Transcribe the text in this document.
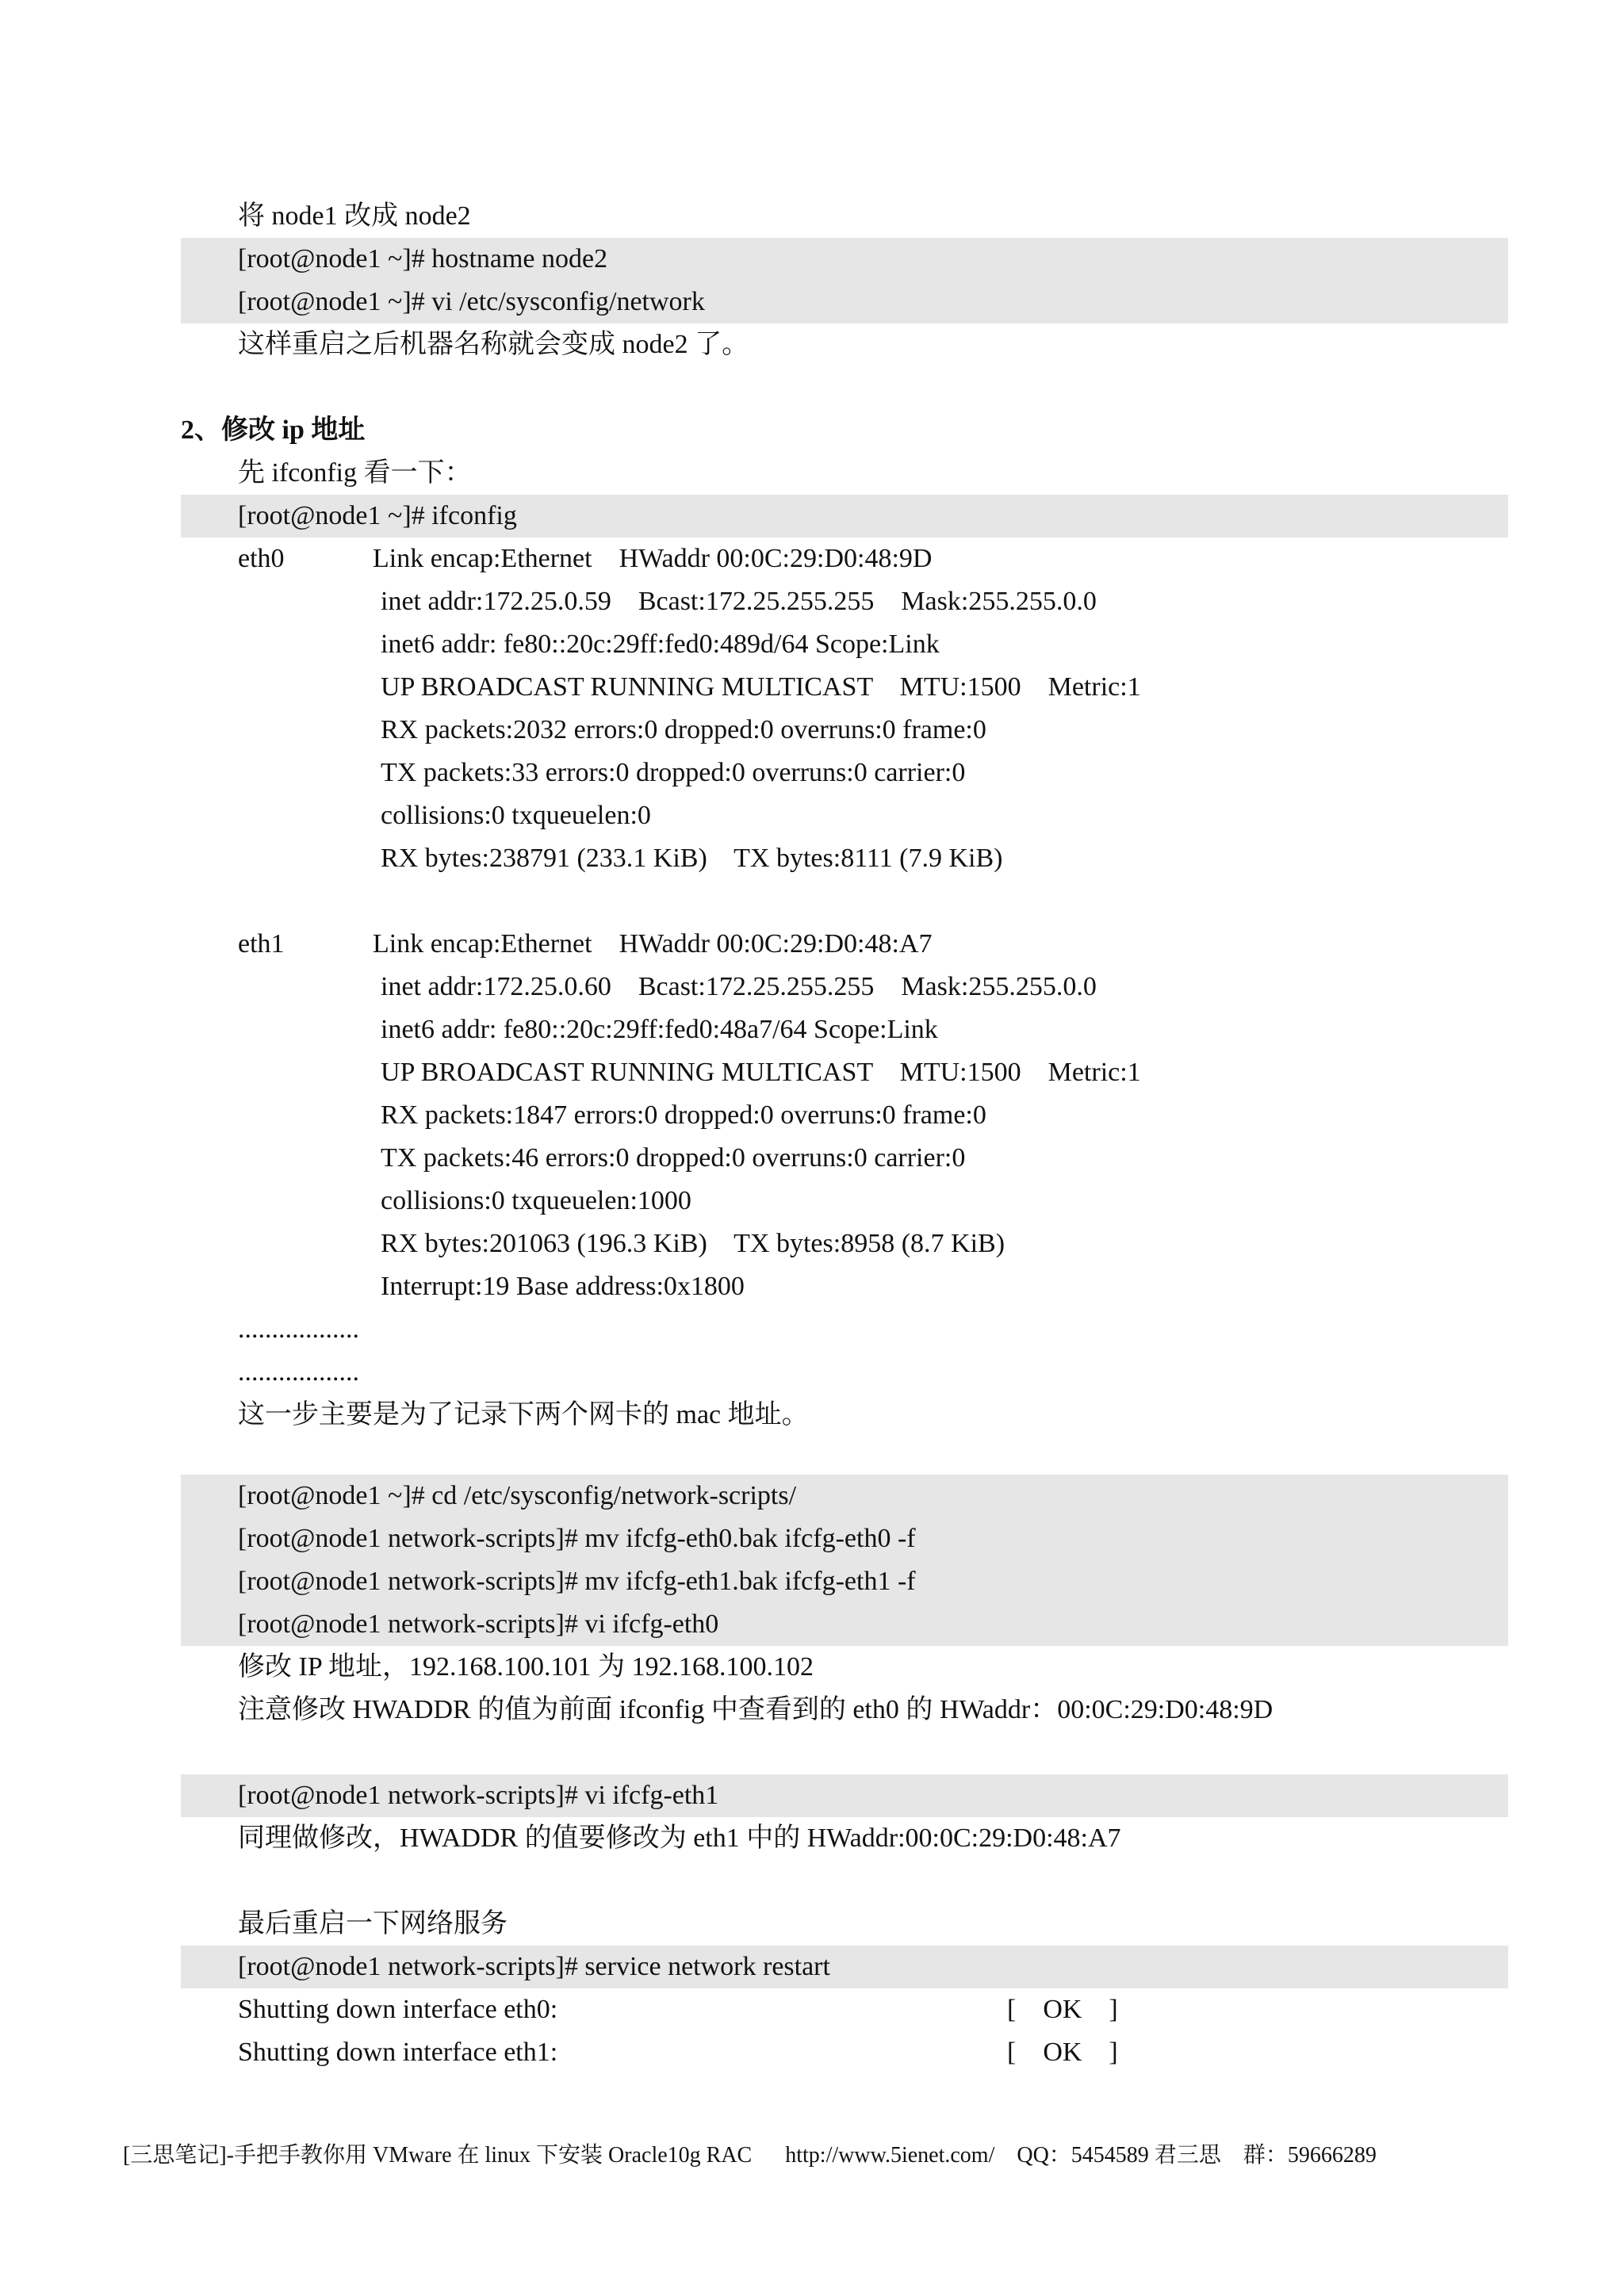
将 node1 改成 node2
[root@node1 ~]# hostname node2
[root@node1 ~]# vi /etc/sysconfig/network
这样重启之后机器名称就会变成 node2 了。
2、修改 ip 地址
先 ifconfig 看一下：
[root@node1 ~]# ifconfig
eth0	Link encap:Ethernet    HWaddr 00:0C:29:D0:48:9D
inet addr:172.25.0.59    Bcast:172.25.255.255    Mask:255.255.0.0
inet6 addr: fe80::20c:29ff:fed0:489d/64 Scope:Link
UP BROADCAST RUNNING MULTICAST    MTU:1500    Metric:1
RX packets:2032 errors:0 dropped:0 overruns:0 frame:0
TX packets:33 errors:0 dropped:0 overruns:0 carrier:0
collisions:0 txqueuelen:0
RX bytes:238791 (233.1 KiB)    TX bytes:8111 (7.9 KiB)
eth1	Link encap:Ethernet    HWaddr 00:0C:29:D0:48:A7
inet addr:172.25.0.60    Bcast:172.25.255.255    Mask:255.255.0.0
inet6 addr: fe80::20c:29ff:fed0:48a7/64 Scope:Link
UP BROADCAST RUNNING MULTICAST    MTU:1500    Metric:1
RX packets:1847 errors:0 dropped:0 overruns:0 frame:0
TX packets:46 errors:0 dropped:0 overruns:0 carrier:0
collisions:0 txqueuelen:1000
RX bytes:201063 (196.3 KiB)    TX bytes:8958 (8.7 KiB)
Interrupt:19 Base address:0x1800
..................
..................
这一步主要是为了记录下两个网卡的 mac 地址。
[root@node1 ~]# cd /etc/sysconfig/network-scripts/
[root@node1 network-scripts]# mv ifcfg-eth0.bak ifcfg-eth0 -f
[root@node1 network-scripts]# mv ifcfg-eth1.bak ifcfg-eth1 -f
[root@node1 network-scripts]# vi ifcfg-eth0
修改 IP 地址，192.168.100.101 为 192.168.100.102
注意修改 HWADDR 的值为前面 ifconfig 中查看到的 eth0 的 HWaddr：00:0C:29:D0:48:9D
[root@node1 network-scripts]# vi ifcfg-eth1
同理做修改，HWADDR 的值要修改为 eth1 中的 HWaddr:00:0C:29:D0:48:A7
最后重启一下网络服务
[root@node1 network-scripts]# service network restart
Shutting down interface eth0:	[    OK    ]
Shutting down interface eth1:	[    OK    ]
[三思笔记]-手把手教你用 VMware 在 linux 下安装 Oracle10g RAC      http://www.5ienet.com/    QQ：5454589 君三思    群：59666289
